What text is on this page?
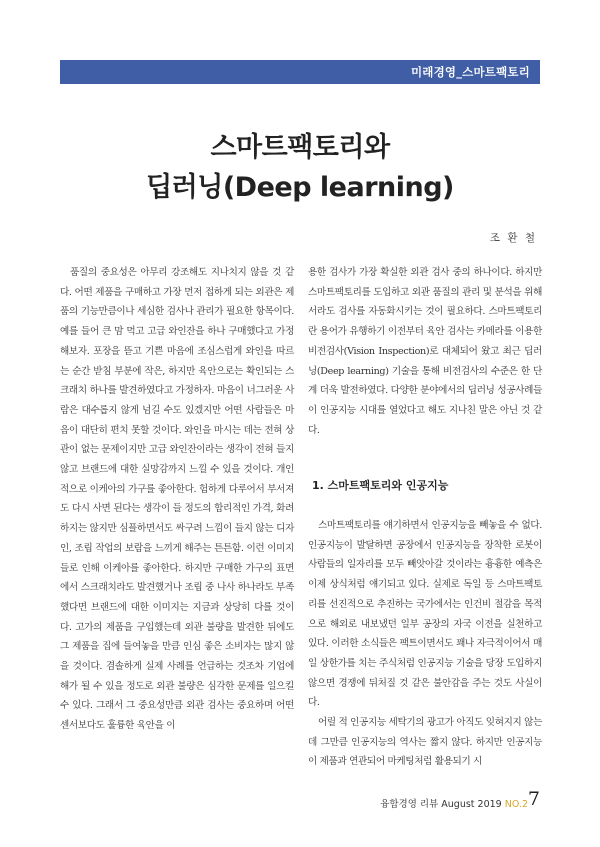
미래경영_스마트팩토리
스마트팩토리와
딥러닝(Deep learning)
조 환 철

품질의 중요성은 아무리 강조해도 지나치지 않을 것 같다. 어떤 제품을 구매하고 가장 먼저 접하게 되는 외관은 제품의 기능만큼이나 세심한 검사나 관리가 필요한 항목이다. 예를 들어 큰 맘 먹고 고급 와인잔을 하나 구매했다고 가정해보자. 포장을 뜯고 기쁜 마음에 조심스럽게 와인을 따르는 순간 받침 부분에 작은, 하지만 육안으로는 확인되는 스크래치 하나를 발견하였다고 가정하자. 마음이 너그러운 사람은 대수롭지 않게 넘길 수도 있겠지만 어떤 사람들은 마음이 대단히 편치 못할 것이다. 와인을 마시는 데는 전혀 상관이 없는 문제이지만 고급 와인잔이라는 생각이 전혀 들지 않고 브랜드에 대한 실망감까지 느낄 수 있을 것이다. 개인적으로 이케아의 가구를 좋아한다. 험하게 다루어서 부서져도 다시 사면 된다는 생각이 들 정도의 합리적인 가격, 화려하지는 않지만 심플하면서도 싸구려 느낌이 들지 않는 디자인, 조립 작업의 보람을 느끼게 해주는 튼튼함. 이런 이미지들로 인해 이케아를 좋아한다. 하지만 구매한 가구의 표면에서 스크래치라도 발견했거나 조립 중 나사 하나라도 부족했다면 브랜드에 대한 이미지는 지금과 상당히 다를 것이다. 고가의 제품을 구입했는데 외관 불량을 발견한 뒤에도 그 제품을 집에 들여놓을 만큼 인심 좋은 소비자는 많지 않을 것이다. 겸솔하게 실제 사례를 언급하는 것조차 기업에 해가 될 수 있을 정도로 외관 불량은 심각한 문제를 일으킬 수 있다. 그래서 그 중요성만큼 외관 검사는 중요하며 어떤 센서보다도 훌륭한 육안을 이

용한 검사가 가장 확실한 외관 검사 중의 하나이다. 하지만 스마트팩토리를 도입하고 외관 품질의 관리 및 분석을 위해서라도 검사를 자동화시키는 것이 필요하다. 스마트팩토리란 용어가 유행하기 이전부터 육안 검사는 카메라를 이용한 비전검사(Vision Inspection)로 대체되어 왔고 최근 딥러닝(Deep learning) 기술을 통해 비전검사의 수준은 한 단계 더욱 발전하였다. 다양한 분야에서의 딥러닝 성공사례들이 인공지능 시대를 열었다고 해도 지나친 말은 아닌 것 같다.

1. 스마트팩토리와 인공지능

스마트팩토리를 얘기하면서 인공지능을 빼놓을 수 없다. 인공지능이 발달하면 공장에서 인공지능을 장착한 로봇이 사람들의 일자리를 모두 빼앗아갈 것이라는 흉흉한 예측은 이제 상식처럼 얘기되고 있다. 실제로 독일 등 스마트팩토리를 선진적으로 추진하는 국가에서는 인건비 절감을 목적으로 해외로 내보냈던 일부 공장의 자국 이전을 실천하고 있다. 이러한 소식들은 팩트이면서도 꽤나 자극적이어서 매일 상한가를 치는 주식처럼 인공지능 기술을 당장 도입하지 않으면 경쟁에 뒤처질 것 같은 불안감을 주는 것도 사실이다.

어릴 적 인공지능 세탁기의 광고가 아직도 잊혀지지 않는데 그만큼 인공지능의 역사는 짧지 않다. 하지만 인공지능이 제품과 연관되어 마케팅처럼 활용되기 시

융합경영 리뷰 August 2019 NO.2 7
